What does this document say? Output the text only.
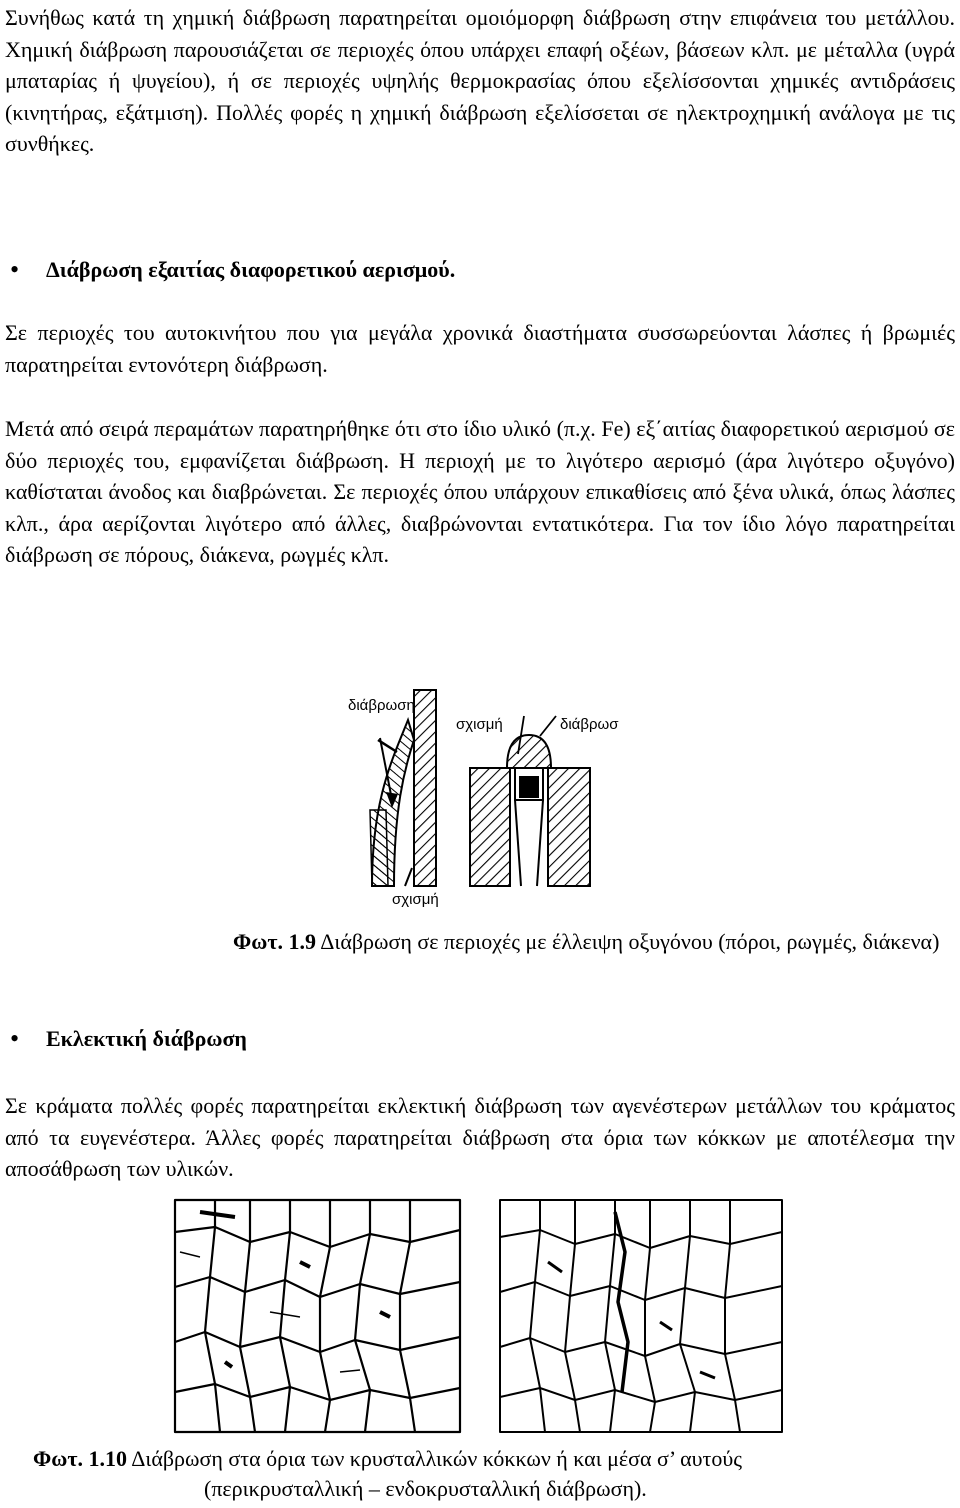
Συνήθως κατά τη χημική διάβρωση παρατηρείται ομοιόμορφη διάβρωση στην επιφάνεια του μετάλλου. Χημική διάβρωση παρουσιάζεται σε περιοχές όπου υπάρχει επαφή οξέων, βάσεων κλπ. με μέταλλα (υγρά μπαταρίας ή ψυγείου), ή σε περιοχές υψηλής θερμοκρασίας όπου εξελίσσονται χημικές αντιδράσεις (κινητήρας, εξάτμιση). Πολλές φορές η χημική διάβρωση εξελίσσεται σε ηλεκτροχημική ανάλογα με τις συνθήκες.

• Διάβρωση εξαιτίας διαφορετικού αερισμού.

Σε περιοχές του αυτοκινήτου που για μεγάλα χρονικά διαστήματα συσσωρεύονται λάσπες ή βρωμιές παρατηρείται εντονότερη διάβρωση.

Μετά από σειρά περαμάτων παρατηρήθηκε ότι στο ίδιο υλικό (π.χ. Fe) εξ΄αιτίας διαφορετικού αερισμού σε δύο περιοχές του, εμφανίζεται διάβρωση. Η περιοχή με το λιγότερο αερισμό (άρα λιγότερο οξυγόνο) καθίσταται άνοδος και διαβρώνεται. Σε περιοχές όπου υπάρχουν επικαθίσεις από ξένα υλικά, όπως λάσπες κλπ., άρα αερίζονται λιγότερο από άλλες, διαβρώνονται εντατικότερα. Για τον ίδιο λόγο παρατηρείται διάβρωση σε πόρους, διάκενα, ρωγμές κλπ.

διάβρωση
σχισμή	διάβρωσ
σχισμή
Φωτ. 1.9 Διάβρωση σε περιοχές με έλλειψη οξυγόνου (πόροι, ρωγμές, διάκενα)
• Εκλεκτική διάβρωση

Σε κράματα πολλές φορές παρατηρείται εκλεκτική διάβρωση των αγενέστερων μετάλλων του κράματος από τα ευγενέστερα. Άλλες φορές παρατηρείται διάβρωση στα όρια των κόκκων με αποτέλεσμα την αποσάθρωση των υλικών.

Φωτ. 1.10 Διάβρωση στα όρια των κρυσταλλικών κόκκων ή και μέσα σ’ αυτούς
(περικρυσταλλική – ενδοκρυσταλλική διάβρωση).
